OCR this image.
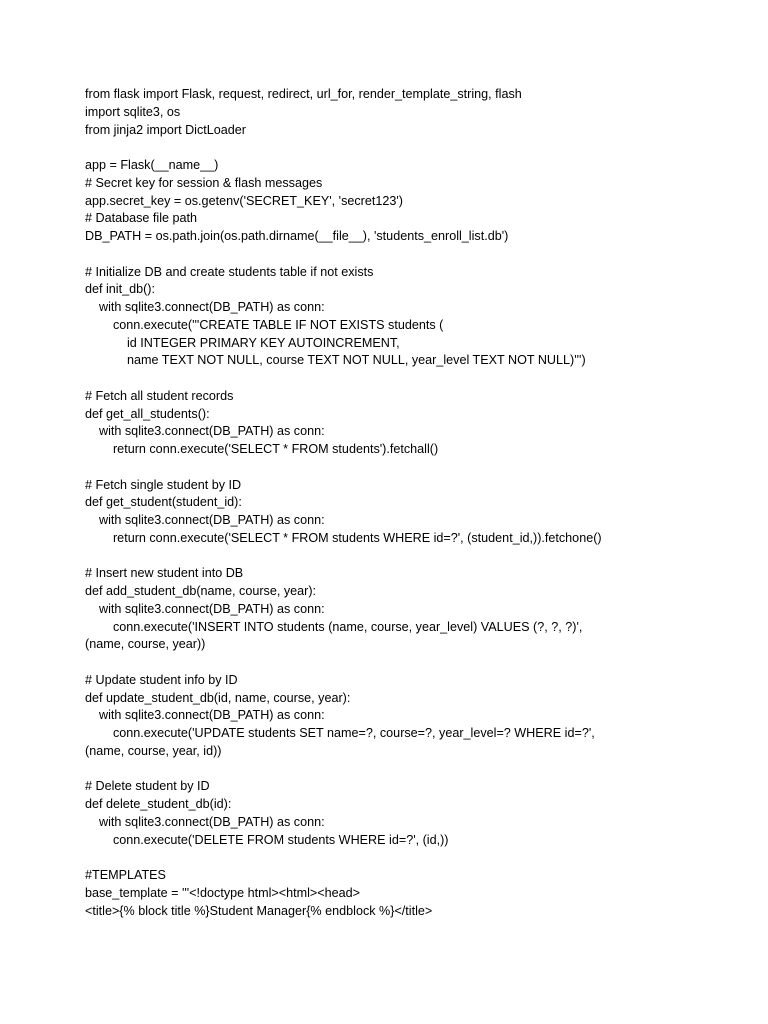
from flask import Flask, request, redirect, url_for, render_template_string, flash
import sqlite3, os
from jinja2 import DictLoader
app = Flask(__name__)
# Secret key for session & flash messages
app.secret_key = os.getenv('SECRET_KEY', 'secret123')
# Database file path
DB_PATH = os.path.join(os.path.dirname(__file__), 'students_enroll_list.db')
# Initialize DB and create students table if not exists
def init_db():
with sqlite3.connect(DB_PATH) as conn:
conn.execute('''CREATE TABLE IF NOT EXISTS students (
id INTEGER PRIMARY KEY AUTOINCREMENT,
name TEXT NOT NULL, course TEXT NOT NULL, year_level TEXT NOT NULL)''')
# Fetch all student records
def get_all_students():
with sqlite3.connect(DB_PATH) as conn:
return conn.execute('SELECT * FROM students').fetchall()
# Fetch single student by ID
def get_student(student_id):
with sqlite3.connect(DB_PATH) as conn:
return conn.execute('SELECT * FROM students WHERE id=?', (student_id,)).fetchone()
# Insert new student into DB
def add_student_db(name, course, year):
with sqlite3.connect(DB_PATH) as conn:
conn.execute('INSERT INTO students (name, course, year_level) VALUES (?, ?, ?)',
(name, course, year))
# Update student info by ID
def update_student_db(id, name, course, year):
with sqlite3.connect(DB_PATH) as conn:
conn.execute('UPDATE students SET name=?, course=?, year_level=? WHERE id=?',
(name, course, year, id))
# Delete student by ID
def delete_student_db(id):
with sqlite3.connect(DB_PATH) as conn:
conn.execute('DELETE FROM students WHERE id=?', (id,))
#TEMPLATES
base_template = '''<!doctype html><html><head>
<title>{% block title %}Student Manager{% endblock %}</title>
